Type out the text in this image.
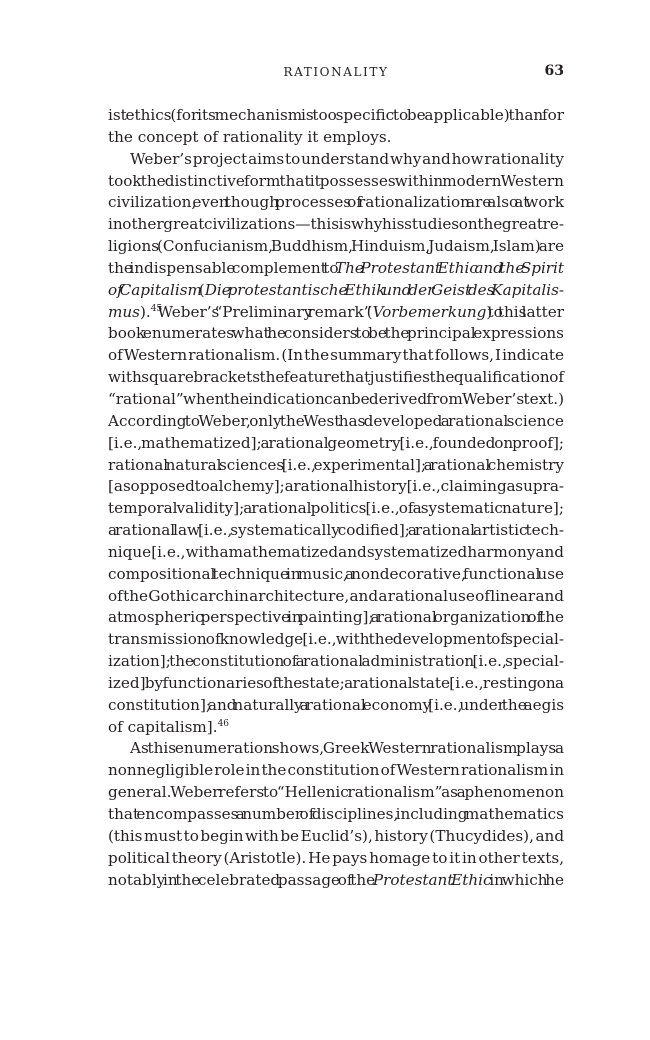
RATIONALITY	63
ist ethics (for its mechanism is too specific to be applicable) than for
the concept of rationality it employs.
Weber’s project aims to understand why and how rationality
took the distinctive form that it possesses within modern Western
civilization, even though processes of rationalization are also at work
in other great civilizations—this is why his studies on the great re-
ligions (Confucianism, Buddhism, Hinduism, Judaism, Islam) are
the indispensable complement to The Protestant Ethic and the Spirit
of Capitalism (Die protestantische Ethik und der Geist des Kapitalis-
mus).$^{45}$ Weber’s “Preliminary remark” (Vorbemerkung) to this latter
book enumerates what he considers to be the principal expressions
of Western rationalism. (In the summary that follows, I indicate
with square brackets the feature that justifies the qualification of
“rational” when the indication can be derived from Weber’s text.)
According to Weber, only the West has developed a rational science
[i.e., mathematized]; a rational geometry [i.e., founded on proof];
rational natural sciences [i.e., experimental]; a rational chemistry
[as opposed to alchemy]; a rational history [i.e., claiming a supra-
temporal validity]; a rational politics [i.e., of a systematic nature];
a rational law [i.e., systematically codified]; a rational artistic tech-
nique [i.e., with a mathematized and systematized harmony and
compositional technique in music, a nondecorative, functional use
of the Gothic arch in architecture, and a rational use of linear and
atmospheric perspective in painting]; a rational organization of the
transmission of knowledge [i.e., with the development of special-
ization]; the constitution of a rational administration [i.e., special-
ized] by functionaries of the state; a rational state [i.e., resting on a
constitution]; and naturally a rational economy [i.e., under the aegis
of capitalism].$^{46}$
As this enumeration shows, Greek Western rationalism plays a
nonnegligible role in the constitution of Western rationalism in
general. Weber refers to “Hellenic rationalism” as a phenomenon
that encompasses a number of disciplines, including mathematics
(this must to begin with be Euclid’s), history (Thucydides), and
political theory (Aristotle). He pays homage to it in other texts,
notably in the celebrated passage of the Protestant Ethic in which he
